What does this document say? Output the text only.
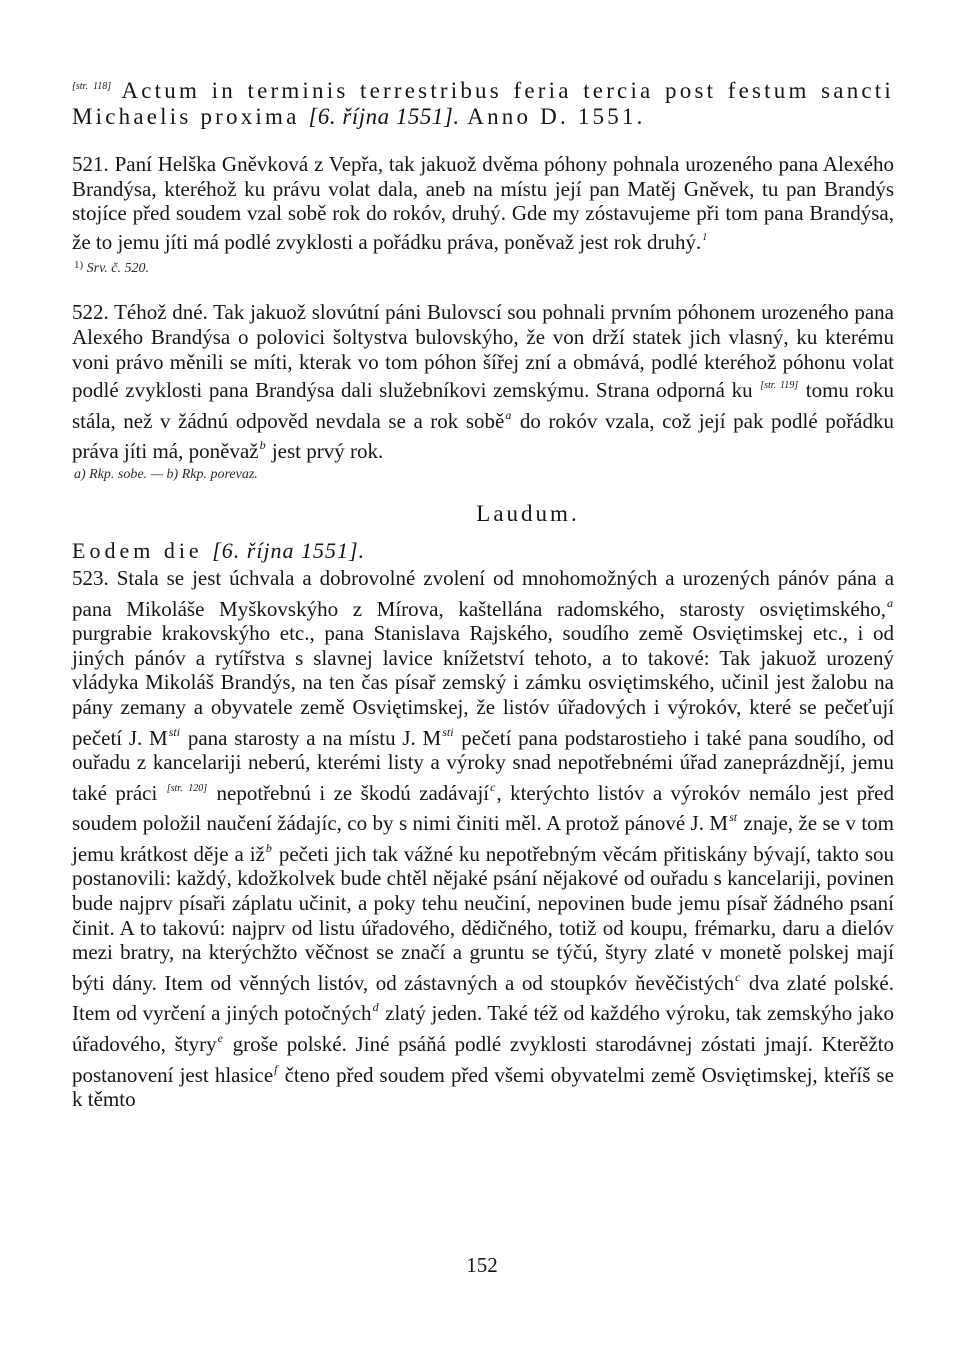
[str. 118] Actum in terminis terrestribus feria tercia post festum sancti Michaelis proxima [6. října 1551]. Anno D. 1551.

521. Paní Helška Gněvková z Vepřa, tak jakuož dvěma póhony pohnala urozeného pana Alexého Brandýsa, kteréhož ku právu volat dala, aneb na místu její pan Matěj Gněvek, tu pan Brandýs stojíce před soudem vzal sobě rok do rokóv, druhý. Gde my zóstavujeme při tom pana Brandýsa, že to jemu jíti má podlé zvyklosti a pořádku práva, poněvaž jest rok druhý.$^1$

$^{1)}$ Srv. č. 520.

522. Téhož dné. Tak jakuož slovútní páni Bulovscí sou pohnali prvním póhonem urozeného pana Alexého Brandýsa o polovici šoltystva bulovskýho, že von drží statek jich vlasný, ku kterému voni právo měnili se míti, kterak vo tom póhon šířej zní a obmává, podlé kteréhož póhonu volat podlé zvyklosti pana Brandýsa dali služebníkovi zemskýmu. Strana odporná ku [str. 119] tomu roku stála, než v žádnú odpověd nevdala se a rok sobě$^a$ do rokóv vzala, což její pak podlé pořádku práva jíti má, poněvaž$^b$ jest prvý rok.

a) Rkp. sobe. — b) Rkp. porevaz.

Laudum.

Eodem die [6. října 1551].

523. Stala se jest úchvala a dobrovolné zvolení od mnohomožných a urozených pánóv pána a pana Mikoláše Myškovskýho z Mírova, kaštellána radomského, starosty osviętimského,$^a$ purgrabie krakovskýho etc., pana Stanislava Rajského, soudího země Osviętimskej etc., i od jiných pánóv a rytířstva s slavnej lavice knížetství tehoto, a to takové: Tak jakuož urozený vládyka Mikoláš Brandýs, na ten čas písař zemský i zámku osviętimského, učinil jest žalobu na pány zemany a obyvatele země Osviętimskej, že listóv úřadových i výrokóv, které se pečeťují pečetí J. $M^{sti}$ pana starosty a na místu J. $M^{sti}$ pečetí pana podstarostieho i také pana soudího, od ouřadu z kancelariji neberú, kterémi listy a výroky snad nepotřebnémi úřad zaneprázdnějí, jemu také práci [str. 120] nepotřebnú i ze škodú zadávají$^c$, kterýchto listóv a výrokóv nemálo jest před soudem položil naučení žádajíc, co by s nimi činiti měl. A protož pánové J. Mst znaje, že se v tom jemu krátkost děje a $iž^b$ pečeti jich tak vážné ku nepotřebným věcám přitiskány bývají, takto sou postanovili: každý, kdožkolvek bude chtěl nějaké psání nějakové od ouřadu s kancelariji, povinen bude najprv písaři záplatu učinit, a poky tehu neučiní, nepovinen bude jemu písař žádného psaní činit. A to takovú: najprv od listu úřadového, dědičného, totiž od koupu, frémarku, daru a dielóv mezi bratry, na kterýchžto věčnost se značí a gruntu se týčú, štyry zlaté v monetě polskej mají býti dány. Item od věnných listóv, od zástavných a od stoupkóv ňevěčistých$^c$ dva zlaté polské. Item od vyrčení a jiných potočných$^d$ zlatý jeden. Také též od každého výroku, tak zemskýho jako úřadového, štyry$^e$ groše polské. Jiné psáňá podlé zvyklosti starodávnej zóstati jmají. Kterěžto postanovení jest hlasice$^f$ čteno před soudem před všemi obyvatelmi země Osviętimskej, kteříš se k těmto

152
